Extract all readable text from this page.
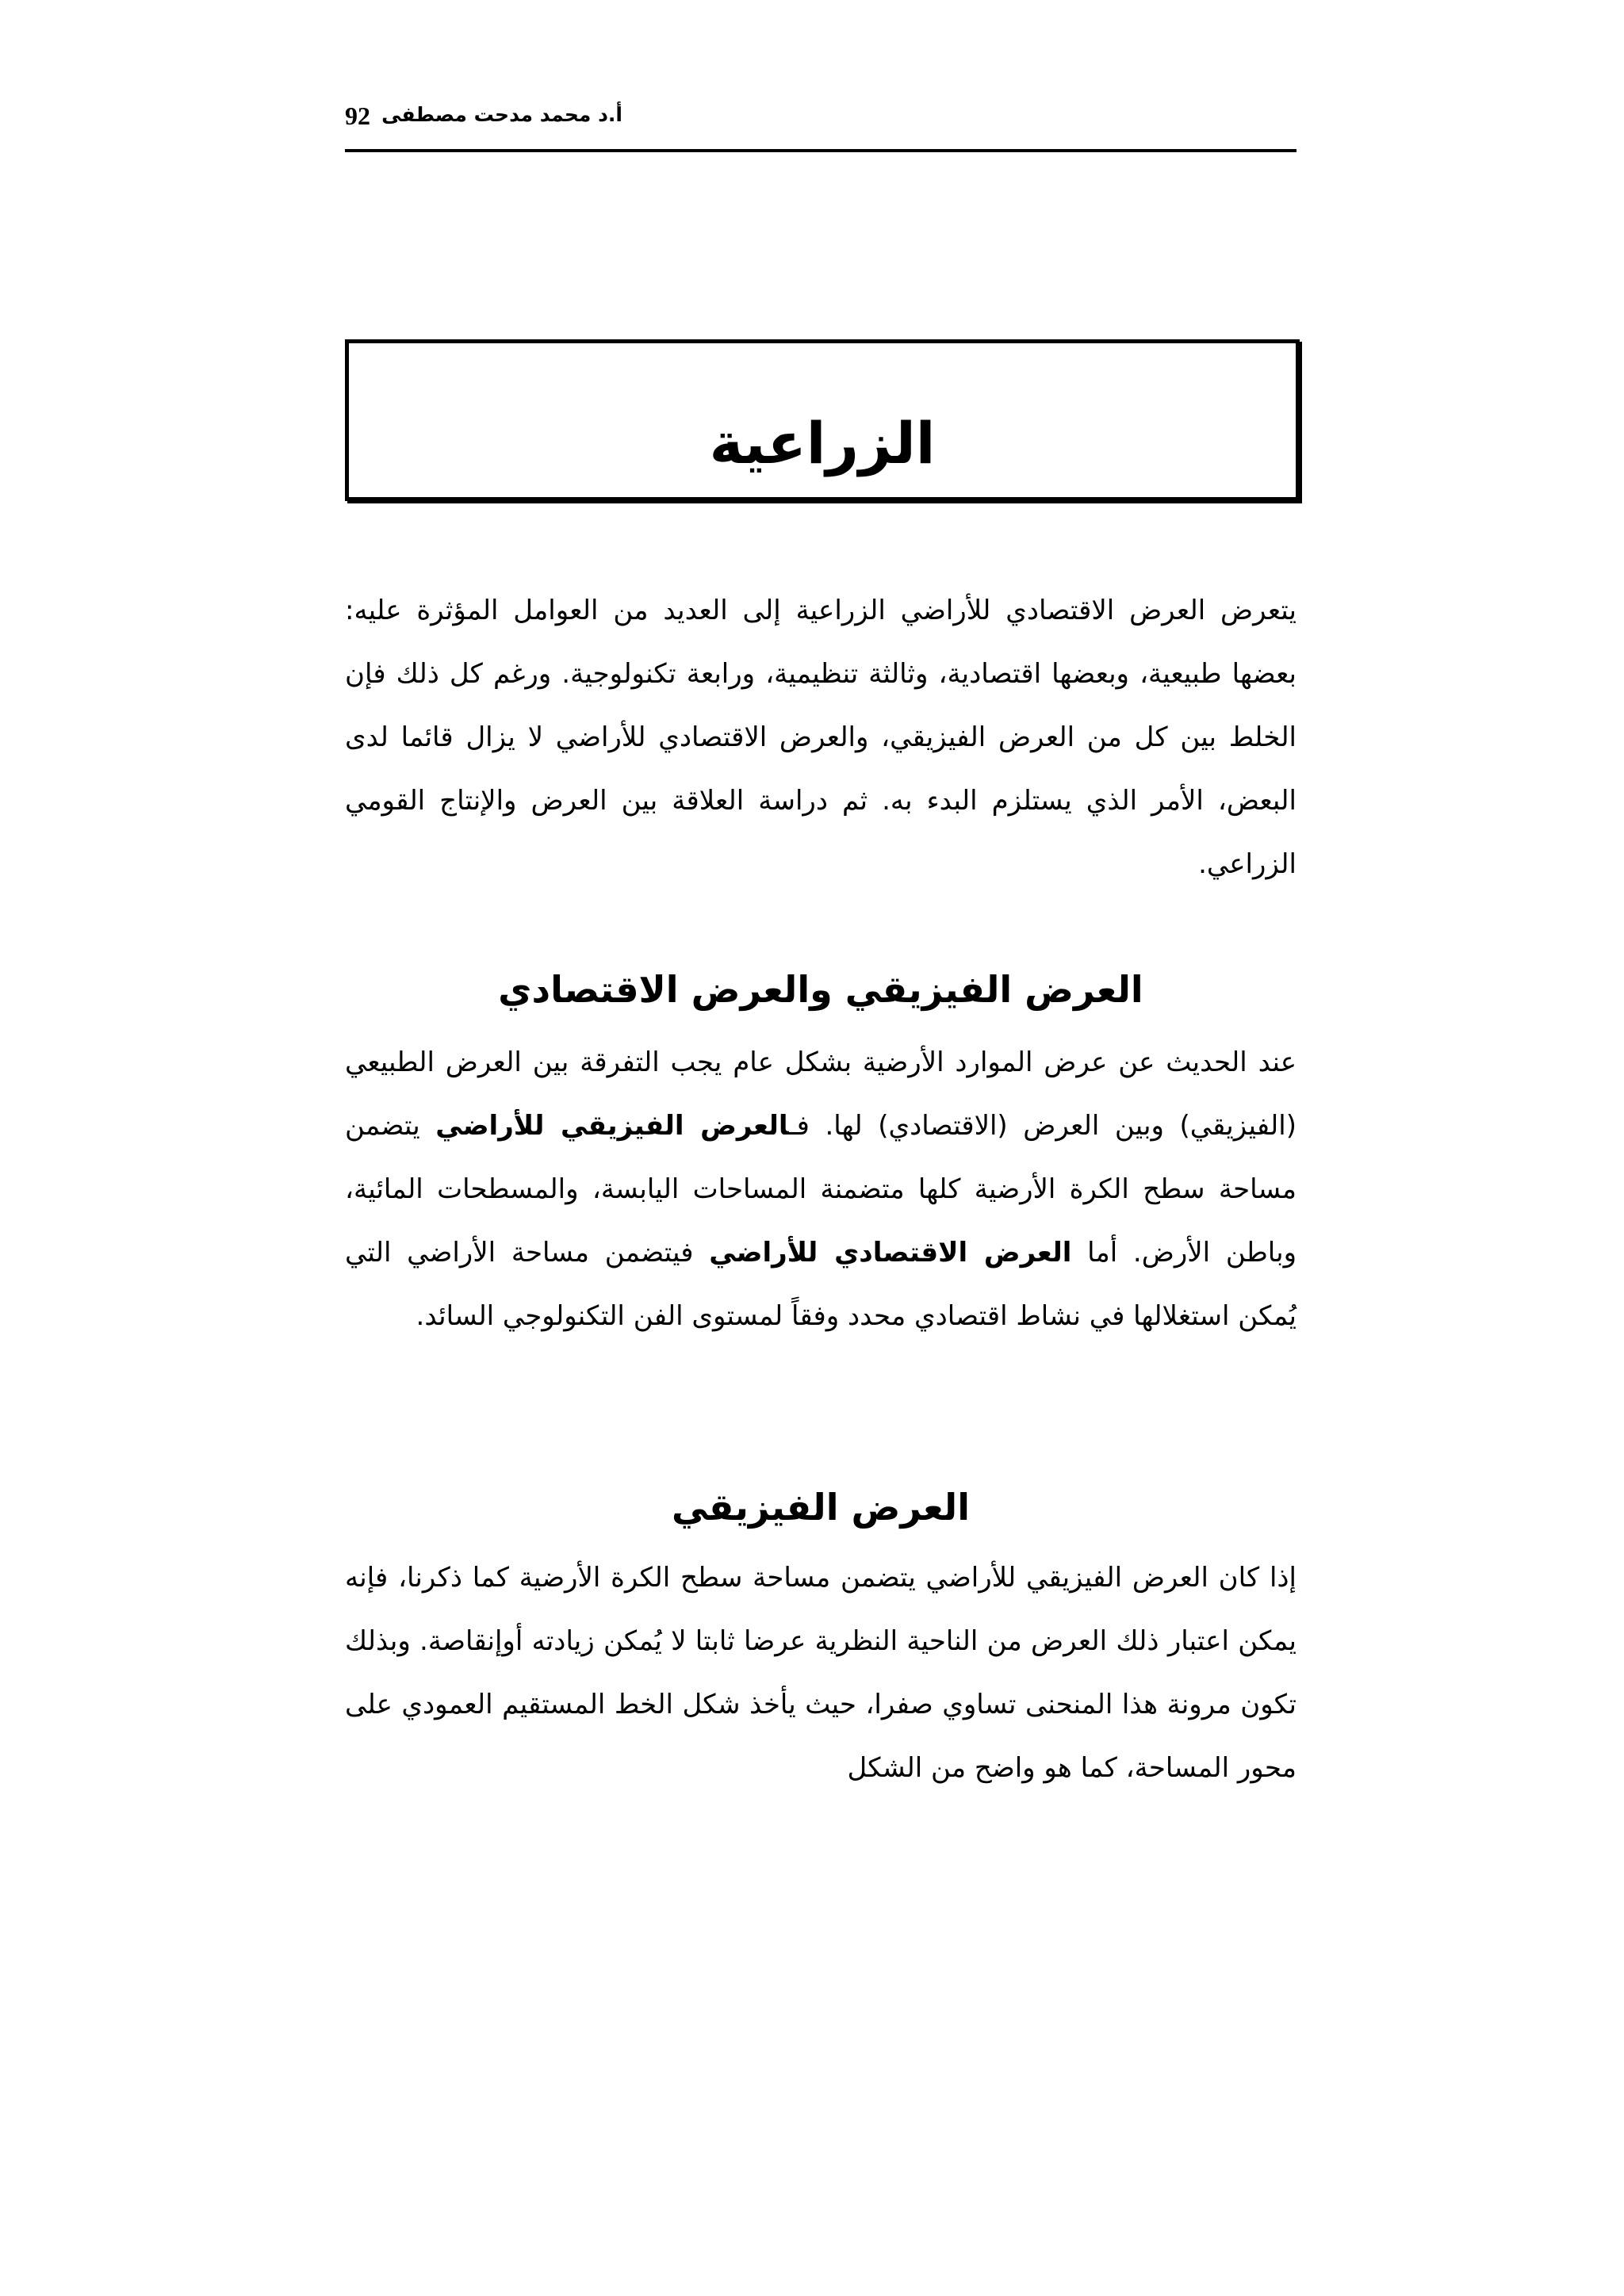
92 أ.د محمد مدحت مصطفى
الزراعية

يتعرض العرض الاقتصادي للأراضي الزراعية إلى العديد من العوامل المؤثرة عليه: بعضها طبيعية، وبعضها اقتصادية، وثالثة تنظيمية، ورابعة تكنولوجية. ورغم كل ذلك فإن الخلط بين كل من العرض الفيزيقي، والعرض الاقتصادي للأراضي لا يزال قائما لدى البعض، الأمر الذي يستلزم البدء به. ثم دراسة العلاقة بين العرض والإنتاج القومي الزراعي.

العرض الفيزيقي والعرض الاقتصادي

عند الحديث عن عرض الموارد الأرضية بشكل عام يجب التفرقة بين العرض الطبيعي (الفيزيقي) وبين العرض (الاقتصادي) لها. فـالعرض الفيزيقي للأراضي يتضمن مساحة سطح الكرة الأرضية كلها متضمنة المساحات اليابسة، والمسطحات المائية، وباطن الأرض. أما العرض الاقتصادي للأراضي فيتضمن مساحة الأراضي التي يُمكن استغلالها في نشاط اقتصادي محدد وفقاً لمستوى الفن التكنولوجي السائد.

العرض الفيزيقي

إذا كان العرض الفيزيقي للأراضي يتضمن مساحة سطح الكرة الأرضية كما ذكرنا، فإنه يمكن اعتبار ذلك العرض من الناحية النظرية عرضا ثابتا لا يُمكن زيادته أوإنقاصة. وبذلك تكون مرونة هذا المنحنى تساوي صفرا، حيث يأخذ شكل الخط المستقيم العمودي على محور المساحة، كما هو واضح من الشكل
